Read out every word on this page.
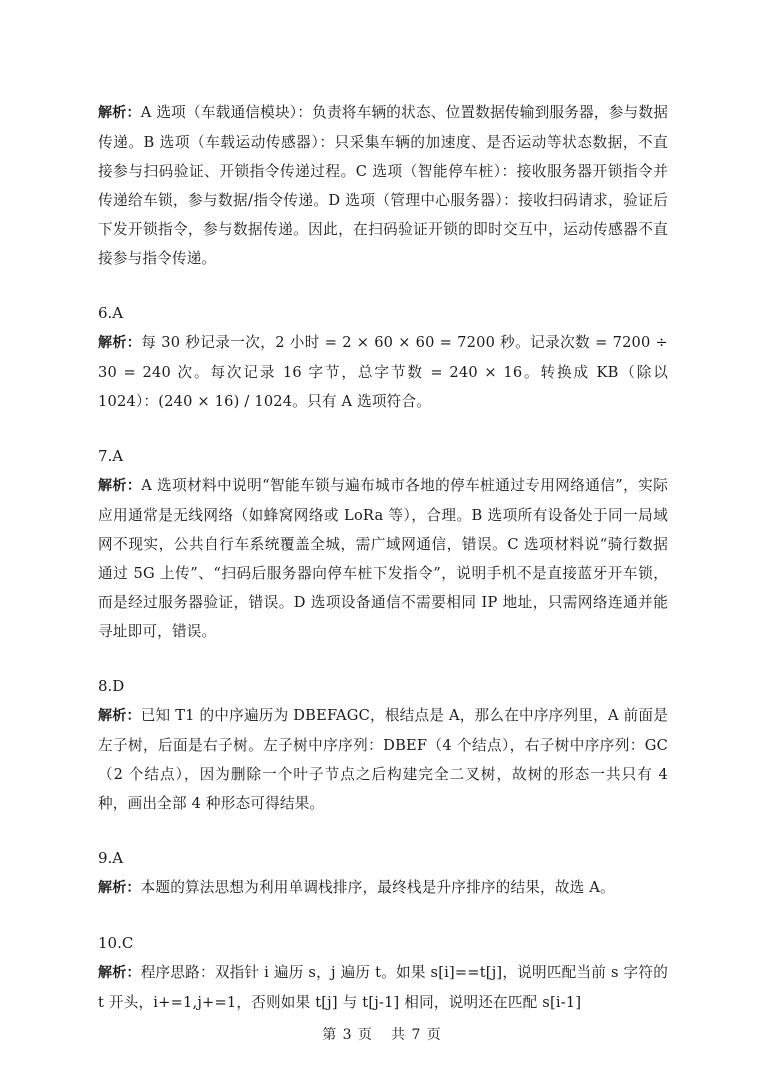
解析：A 选项（车载通信模块）：负责将车辆的状态、位置数据传输到服务器，参与数据传递。B 选项（车载运动传感器）：只采集车辆的加速度、是否运动等状态数据，不直接参与扫码验证、开锁指令传递过程。C 选项（智能停车桩）：接收服务器开锁指令并传递给车锁，参与数据/指令传递。D 选项（管理中心服务器）：接收扫码请求，验证后下发开锁指令，参与数据传递。因此，在扫码验证开锁的即时交互中，运动传感器不直接参与指令传递。

6.A

解析：每 30 秒记录一次，2 小时 = 2 × 60 × 60 = 7200 秒。记录次数 = 7200 ÷ 30 = 240 次。每次记录 16 字节，总字节数 = 240 × 16。转换成 KB（除以 1024）：(240 × 16) / 1024。只有 A 选项符合。

7.A

解析：A 选项材料中说明“智能车锁与遍布城市各地的停车桩通过专用网络通信”，实际应用通常是无线网络（如蜂窝网络或 LoRa 等），合理。B 选项所有设备处于同一局域网不现实，公共自行车系统覆盖全城，需广域网通信，错误。C 选项材料说“骑行数据通过 5G 上传”、“扫码后服务器向停车桩下发指令”，说明手机不是直接蓝牙开车锁，而是经过服务器验证，错误。D 选项设备通信不需要相同 IP 地址，只需网络连通并能寻址即可，错误。

8.D

解析：已知 T1 的中序遍历为 DBEFAGC，根结点是 A，那么在中序序列里，A 前面是左子树，后面是右子树。左子树中序序列：DBEF（4 个结点），右子树中序序列：GC（2 个结点），因为删除一个叶子节点之后构建完全二叉树，故树的形态一共只有 4 种，画出全部 4 种形态可得结果。

9.A

解析：本题的算法思想为利用单调栈排序，最终栈是升序排序的结果，故选 A。

10.C

解析：程序思路：双指针 i 遍历 s，j 遍历 t。如果 s[i]==t[j]，说明匹配当前 s 字符的 t 开头，i+=1,j+=1，否则如果 t[j] 与 t[j-1] 相同，说明还在匹配 s[i-1]

第 3 页 共 7 页
